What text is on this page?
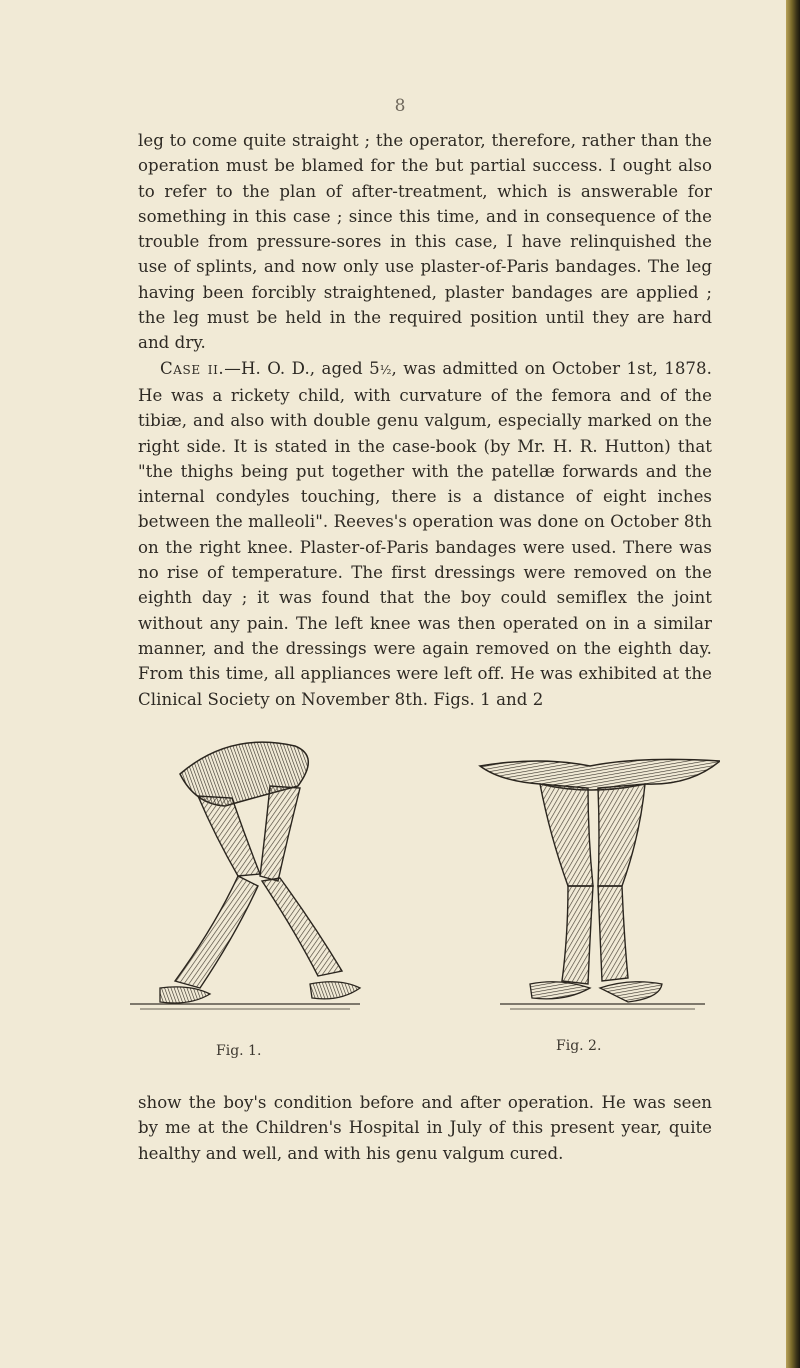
8

leg to come quite straight ; the operator, therefore, rather than the operation must be blamed for the but partial success. I ought also to refer to the plan of after-treatment, which is answerable for something in this case ; since this time, and in consequence of the trouble from pressure-sores in this case, I have relinquished the use of splints, and now only use plaster-of-Paris bandages. The leg having been forcibly straightened, plaster bandages are applied ; the leg must be held in the required position until they are hard and dry.

Case ii.—H. O. D., aged 5½, was admitted on October 1st, 1878. He was a rickety child, with curvature of the femora and of the tibiæ, and also with double genu valgum, especially marked on the right side. It is stated in the case-book (by Mr. H. R. Hutton) that "the thighs being put together with the patellæ forwards and the internal condyles touching, there is a distance of eight inches between the malleoli". Reeves's operation was done on October 8th on the right knee. Plaster-of-Paris bandages were used. There was no rise of temperature. The first dressings were removed on the eighth day ; it was found that the boy could semiflex the joint without any pain. The left knee was then operated on in a similar manner, and the dressings were again removed on the eighth day. From this time, all appliances were left off. He was exhibited at the Clinical Society on November 8th. Figs. 1 and 2

Fig. 1.	Fig. 2.

show the boy's condition before and after operation. He was seen by me at the Children's Hospital in July of this present year, quite healthy and well, and with his genu valgum cured.
